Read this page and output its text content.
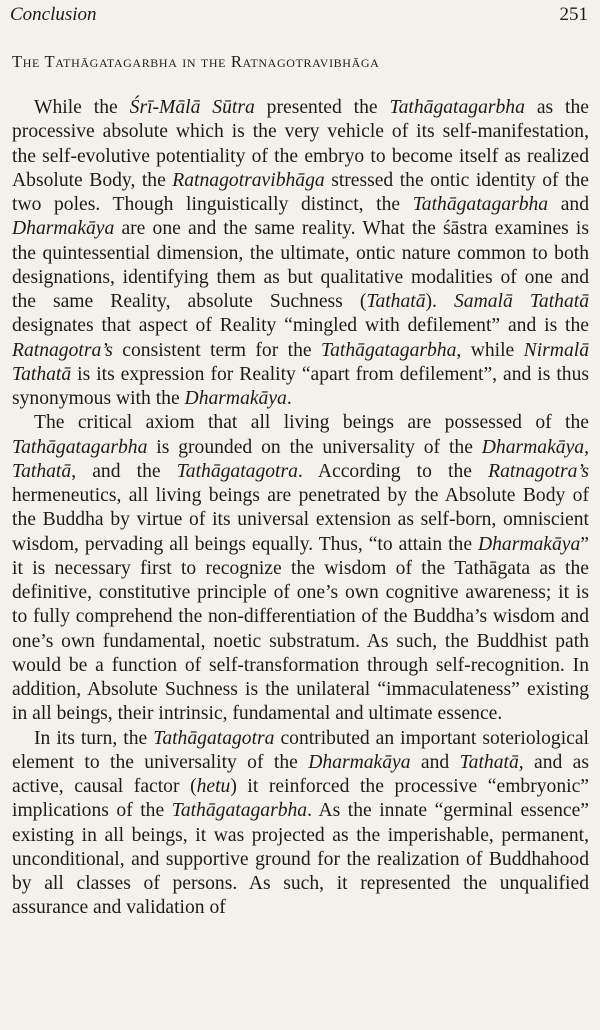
Conclusion	251
THE TATHĀGATAGARBHA IN THE RATNAGOTRAVIBHĀGA

While the Śrī-Mālā Sūtra presented the Tathāgatagarbha as the processive absolute which is the very vehicle of its self-manifestation, the self-evolutive potentiality of the embryo to become itself as realized Absolute Body, the Ratnagotravibhāga stressed the ontic identity of the two poles. Though linguistically distinct, the Tathāgatagarbha and Dharmakāya are one and the same reality. What the śāstra examines is the quintessential dimension, the ultimate, ontic nature common to both designations, identifying them as but qualitative modalities of one and the same Reality, absolute Suchness (Tathatā). Samalā Tathatā designates that aspect of Reality “mingled with defilement” and is the Ratnagotra’s consistent term for the Tathāgatagarbha, while Nirmalā Tathatā is its expression for Reality “apart from defilement”, and is thus synonymous with the Dharmakāya.

The critical axiom that all living beings are possessed of the Tathāgatagarbha is grounded on the universality of the Dharmakāya, Tathatā, and the Tathāgatagotra. According to the Ratnagotra’s hermeneutics, all living beings are penetrated by the Absolute Body of the Buddha by virtue of its universal extension as self-born, omniscient wisdom, pervading all beings equally. Thus, “to attain the Dharmakāya” it is necessary first to recognize the wisdom of the Tathāgata as the definitive, constitutive principle of one’s own cognitive awareness; it is to fully comprehend the non-differentiation of the Buddha’s wisdom and one’s own fundamental, noetic substratum. As such, the Buddhist path would be a function of self-transformation through self-recognition. In addition, Absolute Suchness is the unilateral “immaculateness” existing in all beings, their intrinsic, fundamental and ultimate essence.

In its turn, the Tathāgatagotra contributed an important soteriological element to the universality of the Dharmakāya and Tathatā, and as active, causal factor (hetu) it reinforced the processive “embryonic” implications of the Tathāgatagarbha. As the innate “germinal essence” existing in all beings, it was projected as the imperishable, permanent, unconditional, and supportive ground for the realization of Buddhahood by all classes of persons. As such, it represented the unqualified assurance and validation of
